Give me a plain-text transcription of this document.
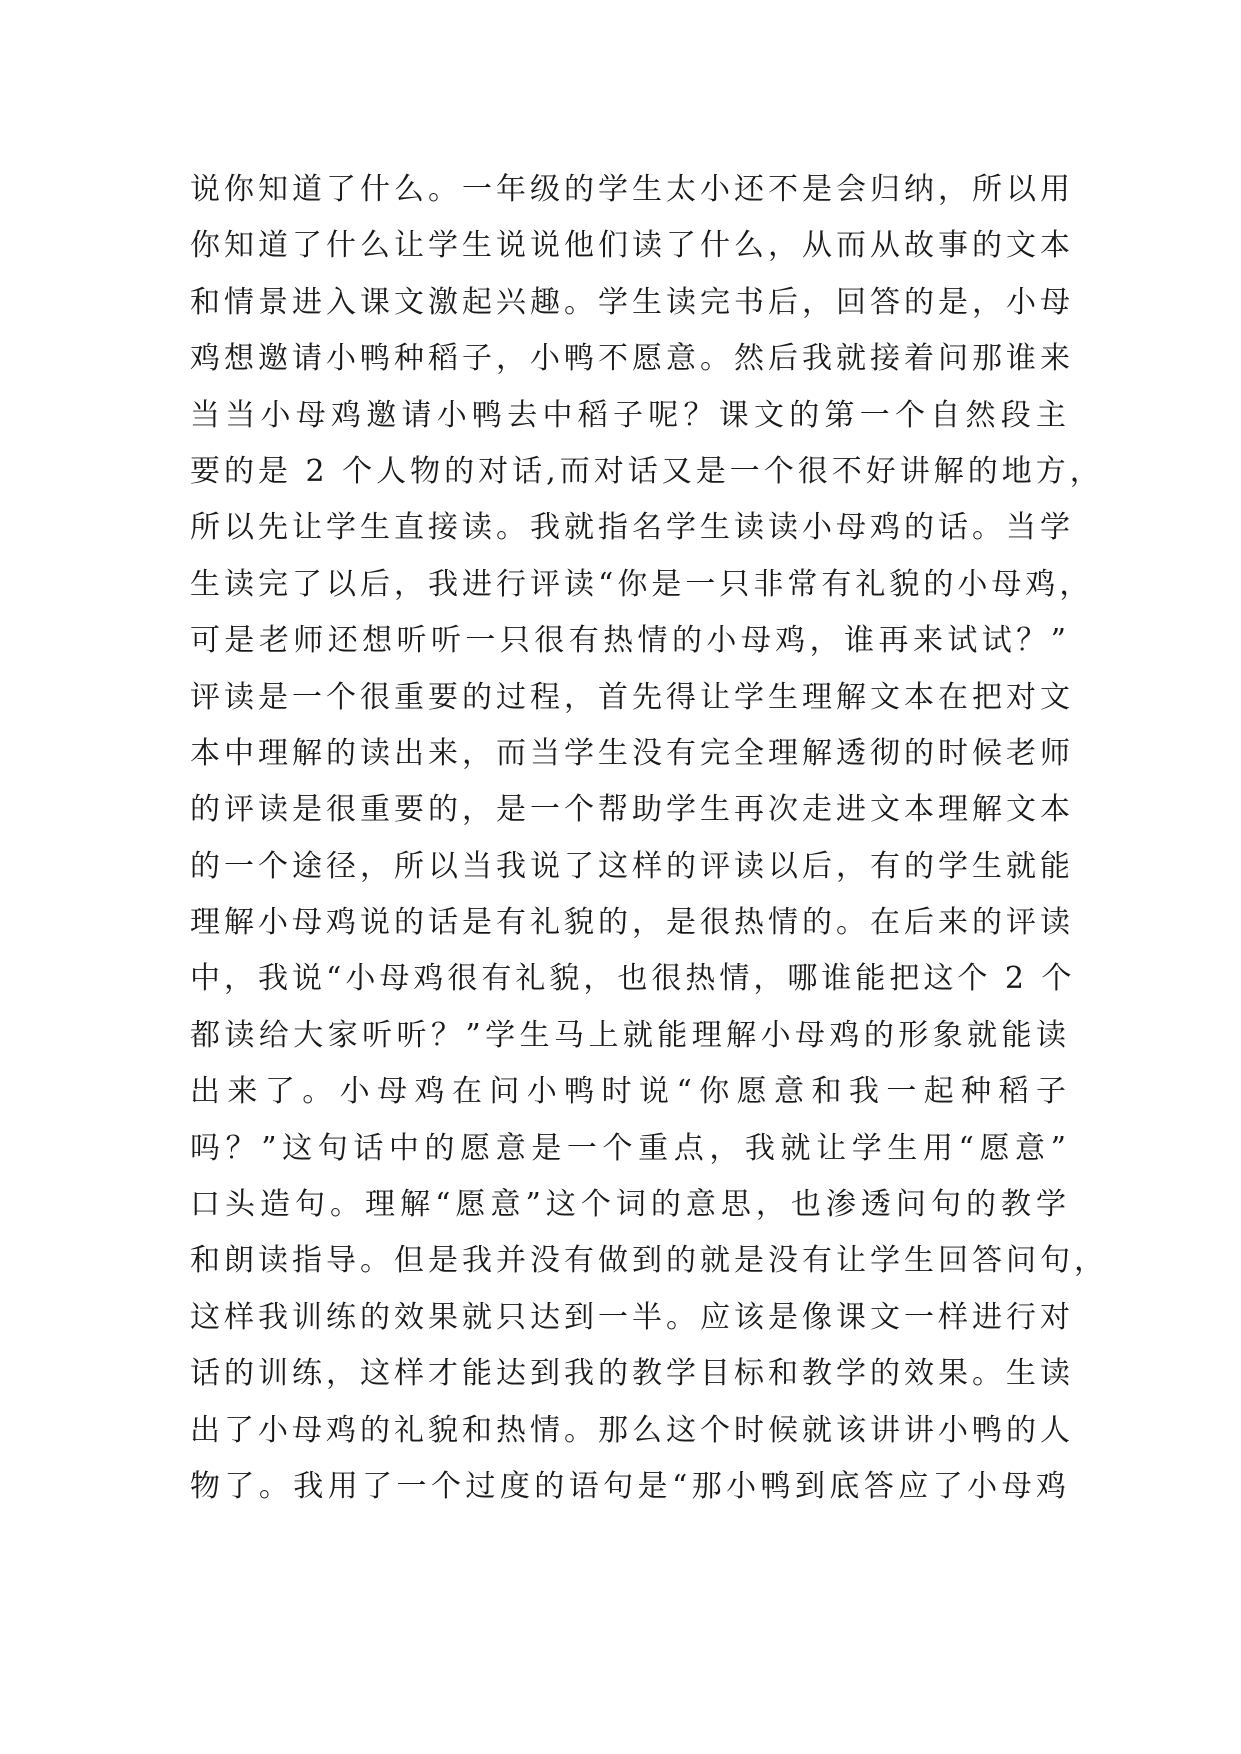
说你知道了什么。一年级的学生太小还不是会归纳，所以用
你知道了什么让学生说说他们读了什么，从而从故事的文本
和情景进入课文激起兴趣。学生读完书后，回答的是，小母
鸡想邀请小鸭种稻子，小鸭不愿意。然后我就接着问那谁来
当当小母鸡邀请小鸭去中稻子呢？课文的第一个自然段主
要的是 2 个人物的对话,而对话又是一个很不好讲解的地方，
所以先让学生直接读。我就指名学生读读小母鸡的话。当学
生读完了以后，我进行评读“你是一只非常有礼貌的小母鸡，
可是老师还想听听一只很有热情的小母鸡，谁再来试试？”
评读是一个很重要的过程，首先得让学生理解文本在把对文
本中理解的读出来，而当学生没有完全理解透彻的时候老师
的评读是很重要的，是一个帮助学生再次走进文本理解文本
的一个途径，所以当我说了这样的评读以后，有的学生就能
理解小母鸡说的话是有礼貌的，是很热情的。在后来的评读
中，我说“小母鸡很有礼貌，也很热情，哪谁能把这个 2 个
都读给大家听听？”学生马上就能理解小母鸡的形象就能读
出来了。小母鸡在问小鸭时说“你愿意和我一起种稻子
吗？”这句话中的愿意是一个重点，我就让学生用“愿意”
口头造句。理解“愿意”这个词的意思，也渗透问句的教学
和朗读指导。但是我并没有做到的就是没有让学生回答问句，
这样我训练的效果就只达到一半。应该是像课文一样进行对
话的训练，这样才能达到我的教学目标和教学的效果。生读
出了小母鸡的礼貌和热情。那么这个时候就该讲讲小鸭的人
物了。我用了一个过度的语句是“那小鸭到底答应了小母鸡
